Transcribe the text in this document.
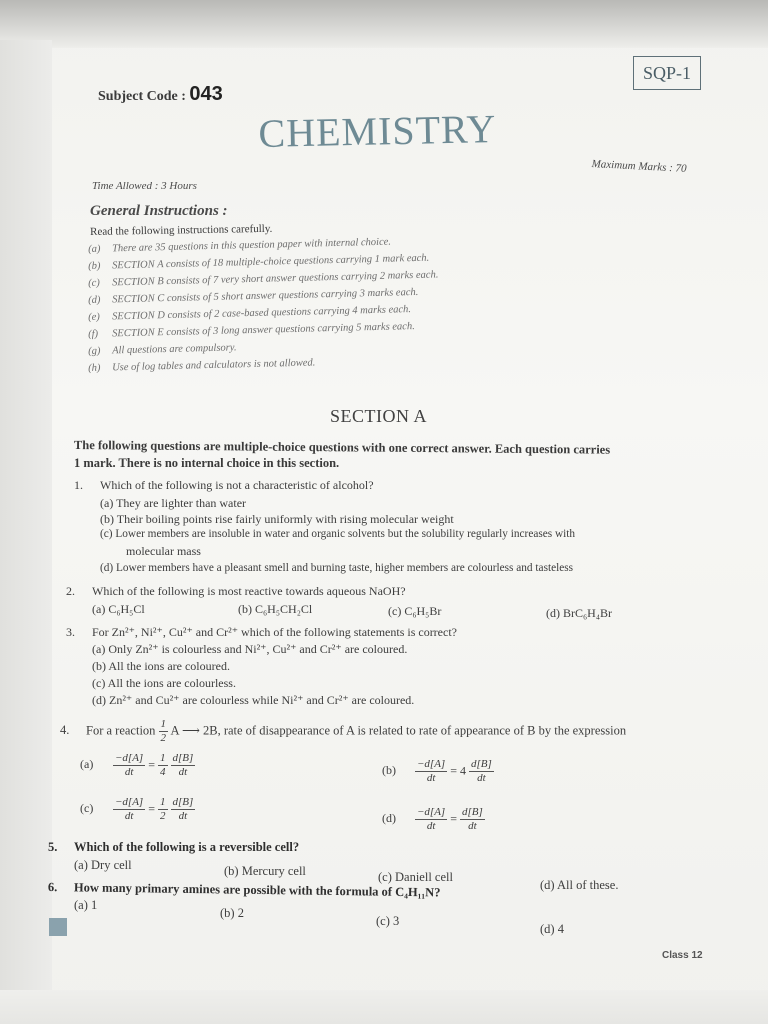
SQP-1
Subject Code : 043
CHEMISTRY
Maximum Marks : 70
Time Allowed : 3 Hours
General Instructions :
Read the following instructions carefully.
(a) There are 35 questions in this question paper with internal choice.
(b) SECTION A consists of 18 multiple-choice questions carrying 1 mark each.
(c) SECTION B consists of 7 very short answer questions carrying 2 marks each.
(d) SECTION C consists of 5 short answer questions carrying 3 marks each.
(e) SECTION D consists of 2 case-based questions carrying 4 marks each.
(f) SECTION E consists of 3 long answer questions carrying 5 marks each.
(g) All questions are compulsory.
(h) Use of log tables and calculators is not allowed.
SECTION A
The following questions are multiple-choice questions with one correct answer. Each question carries
1 mark. There is no internal choice in this section.
1. Which of the following is not a characteristic of alcohol?
(a) They are lighter than water
(b) Their boiling points rise fairly uniformly with rising molecular weight
(c) Lower members are insoluble in water and organic solvents but the solubility regularly increases with
molecular mass
(d) Lower members have a pleasant smell and burning taste, higher members are colourless and tasteless
2. Which of the following is most reactive towards aqueous NaOH?
(a) C₆H₅Cl	(b) C₆H₅CH₂Cl	(c) C₆H₅Br	(d) BrC₆H₄Br
3. For Zn²⁺, Ni²⁺, Cu²⁺ and Cr²⁺ which of the following statements is correct?
(a) Only Zn²⁺ is colourless and Ni²⁺, Cu²⁺ and Cr²⁺ are coloured.
(b) All the ions are coloured.
(c) All the ions are colourless.
(d) Zn²⁺ and Cu²⁺ are colourless while Ni²⁺ and Cr²⁺ are coloured.
4. For a reaction $\frac{1}{2}$ A ⟶ 2B, rate of disappearance of A is related to rate of appearance of B by the expression
$(a) \frac{-d[A]}{dt} = \frac{1}{4}$
$\frac{d[B]}{dt}$	$(b) \frac{-d[A]}{dt} = 4 \frac{d[B]}{dt}$
$(c) \frac{-d[A]}{dt} = \frac{1}{2}$
$\frac{d[B]}{dt}$	$(d) \frac{-d[A]}{dt} = \frac{d[B]}{dt}$
5. Which of the following is a reversible cell?
(a) Dry cell	(b) Mercury cell	(c) Daniell cell
(d) All of these.
6. How many primary amines are possible with the formula of C₄H₁₁N?
(a) 1
(b) 2
(c) 3
(d) 4
Class 12
